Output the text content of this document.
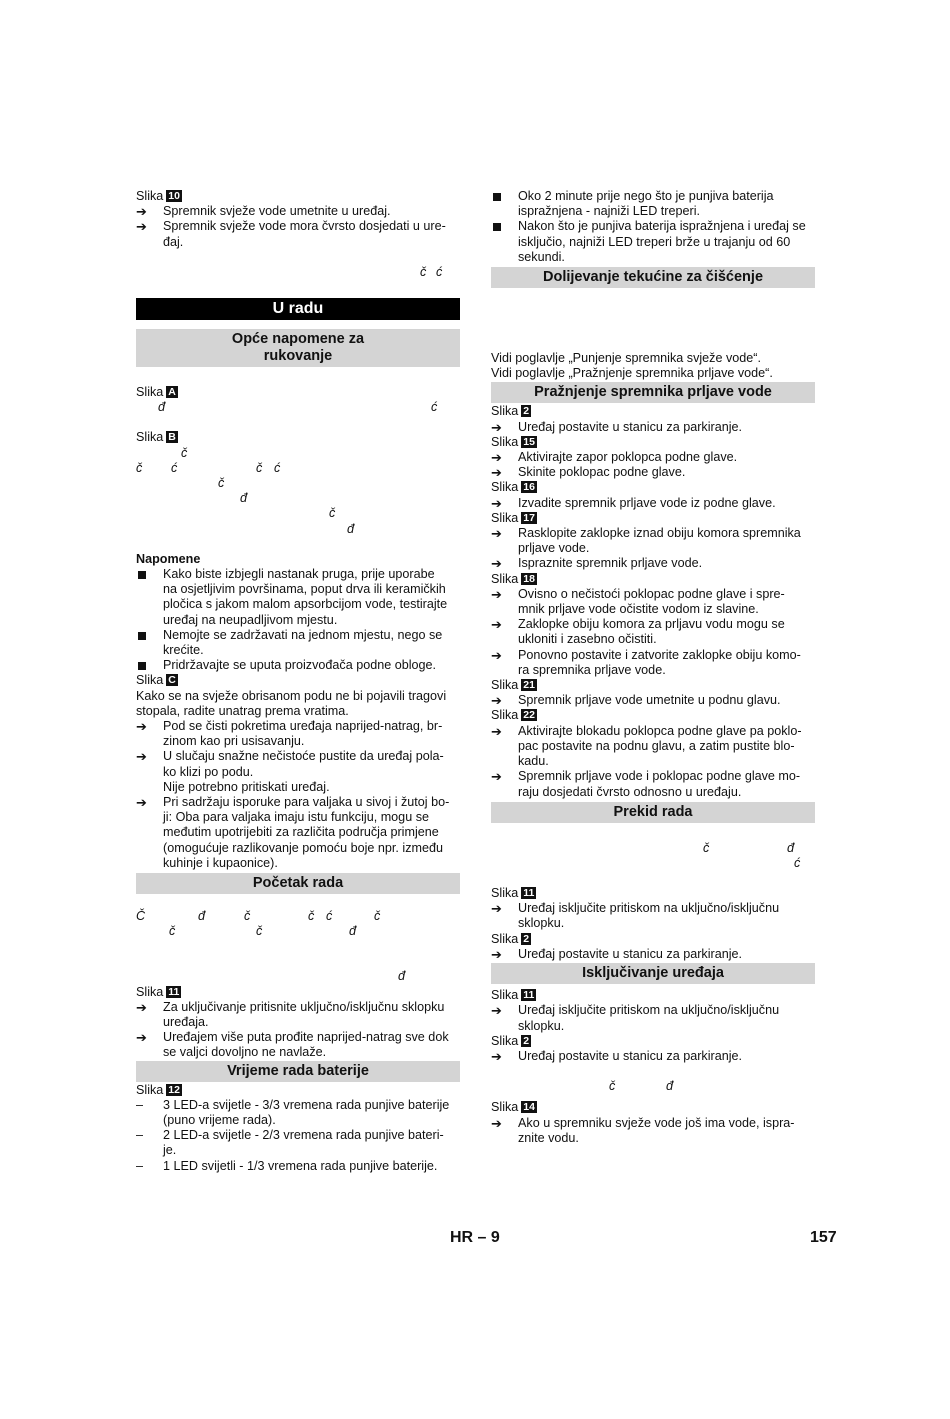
Slika 10
➔	Spremnik svježe vode umetnite u uređaj.
➔	Spremnik svježe vode mora čvrsto dosjedati u ure-
đaj.
č ć
U radu
Opće napomene za
rukovanje
Slika A
đ	ć
Slika B
č
č ć	č ć
č
đ
č
đ
Napomene
Kako biste izbjegli nastanak pruga, prije uporabe
na osjetljivim površinama, poput drva ili keramičkih
pločica s jakom malom apsorbcijom vode, testirajte
uređaj na neupadljivom mjestu.
Nemojte se zadržavati na jednom mjestu, nego se
krećite.
Pridržavajte se uputa proizvođača podne obloge.
Slika C
Kako se na svježe obrisanom podu ne bi pojavili tragovi
stopala, radite unatrag prema vratima.
➔	Pod se čisti pokretima uređaja naprijed-natrag, br-
zinom kao pri usisavanju.
➔	U slučaju snažne nečistoće pustite da uređaj pola-
ko klizi po podu.
Nije potrebno pritiskati uređaj.
➔	Pri sadržaju isporuke para valjaka u sivoj i žutoj bo-
ji: Oba para valjaka imaju istu funkciju, mogu se
međutim upotrijebiti za različita područja primjene
(omogućuje razlikovanje pomoću boje npr. između
kuhinje i kupaonice).
Početak rada
Č	đ	č	č ć	č
č	č	đ
đ
Slika 11
➔	Za uključivanje pritisnite uključno/isključnu sklopku
uređaja.
➔	Uređajem više puta prođite naprijed-natrag sve dok
se valjci dovoljno ne navlaže.
Vrijeme rada baterije
Slika 12
–	3 LED-a svijetle - 3/3 vremena rada punjive baterije
(puno vrijeme rada).
–	2 LED-a svijetle - 2/3 vremena rada punjive bateri-
je.
–	1 LED svijetli - 1/3 vremena rada punjive baterije.
Oko 2 minute prije nego što je punjiva baterija
ispražnjena - najniži LED treperi.
Nakon što je punjiva baterija ispražnjena i uređaj se
isključio, najniži LED treperi brže u trajanju od 60
sekundi.
Dolijevanje tekućine za čišćenje
Vidi poglavlje „Punjenje spremnika svježe vode“.
Vidi poglavlje „Pražnjenje spremnika prljave vode“.
Pražnjenje spremnika prljave vode
Slika 2
➔	Uređaj postavite u stanicu za parkiranje.
Slika 15
➔	Aktivirajte zapor poklopca podne glave.
➔	Skinite poklopac podne glave.
Slika 16
➔	Izvadite spremnik prljave vode iz podne glave.
Slika 17
➔	Rasklopite zaklopke iznad obiju komora spremnika
prljave vode.
➔	Ispraznite spremnik prljave vode.
Slika 18
➔	Ovisno o nečistoći poklopac podne glave i spre-
mnik prljave vode očistite vodom iz slavine.
➔	Zaklopke obiju komora za prljavu vodu mogu se
ukloniti i zasebno očistiti.
➔	Ponovno postavite i zatvorite zaklopke obiju komo-
ra spremnika prljave vode.
Slika 21
➔	Spremnik prljave vode umetnite u podnu glavu.
Slika 22
➔	Aktivirajte blokadu poklopca podne glave pa poklo-
pac postavite na podnu glavu, a zatim pustite blo-
kadu.
➔	Spremnik prljave vode i poklopac podne glave mo-
raju dosjedati čvrsto odnosno u uređaju.
Prekid rada
č	đ
ć
Slika 11
➔	Uređaj isključite pritiskom na uključno/isključnu
sklopku.
Slika 2
➔	Uređaj postavite u stanicu za parkiranje.
Isključivanje uređaja
Slika 11
➔	Uređaj isključite pritiskom na uključno/isključnu
sklopku.
Slika 2
➔	Uređaj postavite u stanicu za parkiranje.
č	đ
Slika 14
➔	Ako u spremniku svježe vode još ima vode, ispra-
znite vodu.
HR – 9	157
